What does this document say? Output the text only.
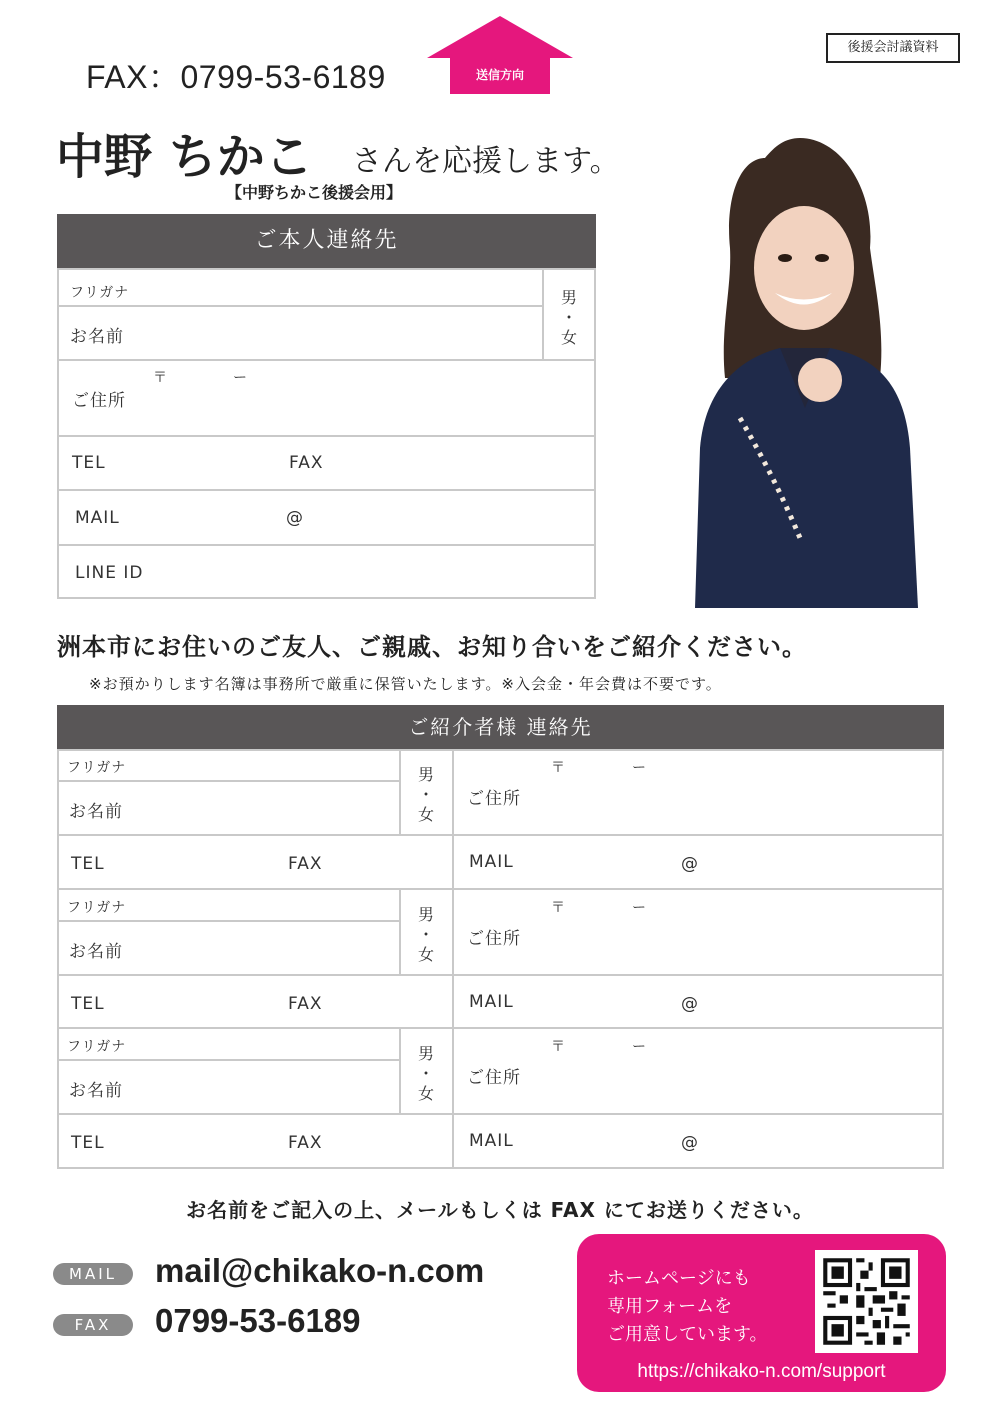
FAX：0799-53-6189	送信方向
後援会討議資料
中野 ちかこ さんを応援します。
【中野ちかこ後援会用】
ご本人連絡先
フリガナ
お名前
男
・
女
〒	ー
ご住所
TEL	FAX
MAIL	@
LINE ID
洲本市にお住いのご友人、ご親戚、お知り合いをご紹介ください。
※お預かりします名簿は事務所で厳重に保管いたします。※入会金・年会費は不要です。
ご紹介者様 連絡先
フリガナ
お名前
男
・
女
〒	ー
ご住所
TEL	FAX	MAIL	@
フリガナ
お名前
男
・
女
〒	ー
ご住所
TEL	FAX	MAIL	@
フリガナ
お名前
男
・
女
〒	ー
ご住所
TEL	FAX	MAIL	@
お名前をご記入の上、メールもしくは FAX にてお送りください。
MAIL	mail@chikako-n.com
FAX	0799-53-6189
ホームページにも
専用フォームを
ご用意しています。
https://chikako-n.com/support
